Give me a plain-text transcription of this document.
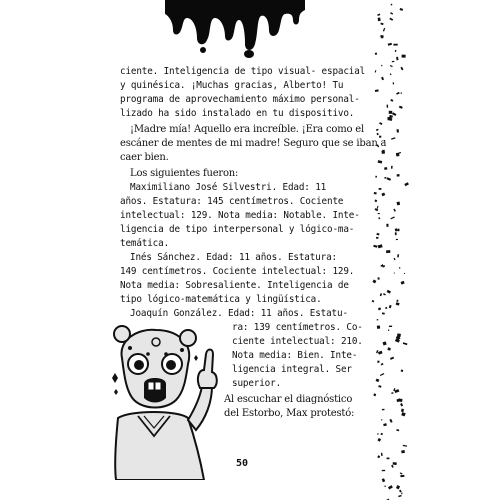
ciente. Inteligencia de tipo visual- espacial
y quinésica. ¡Muchas gracias, Alberto! Tu
programa de aprovechamiento máximo personal-
lizado ha sido instalado en tu dispositivo.
¡Madre mía! Aquello era increíble. ¡Era como el
escáner de mentes de mi madre! Seguro que se iban a
caer bien.
Los siguientes fueron:
Maximiliano José Silvestri. Edad: 11
años. Estatura: 145 centímetros. Cociente
intelectual: 129. Nota media: Notable. Inte-
ligencia de tipo interpersonal y lógico-ma-
temática.
Inés Sánchez. Edad: 11 años. Estatura:
149 centímetros. Cociente intelectual: 129.
Nota media: Sobresaliente. Inteligencia de
tipo lógico-matemática y lingüística.
Joaquín González. Edad: 11 años. Estatu-
ra: 139 centímetros. Co-
ciente intelectual: 210.
Nota media: Bien. Inte-
ligencia integral. Ser
superior.
Al escuchar el diagnóstico
del Estorbo, Max protestó:
50
